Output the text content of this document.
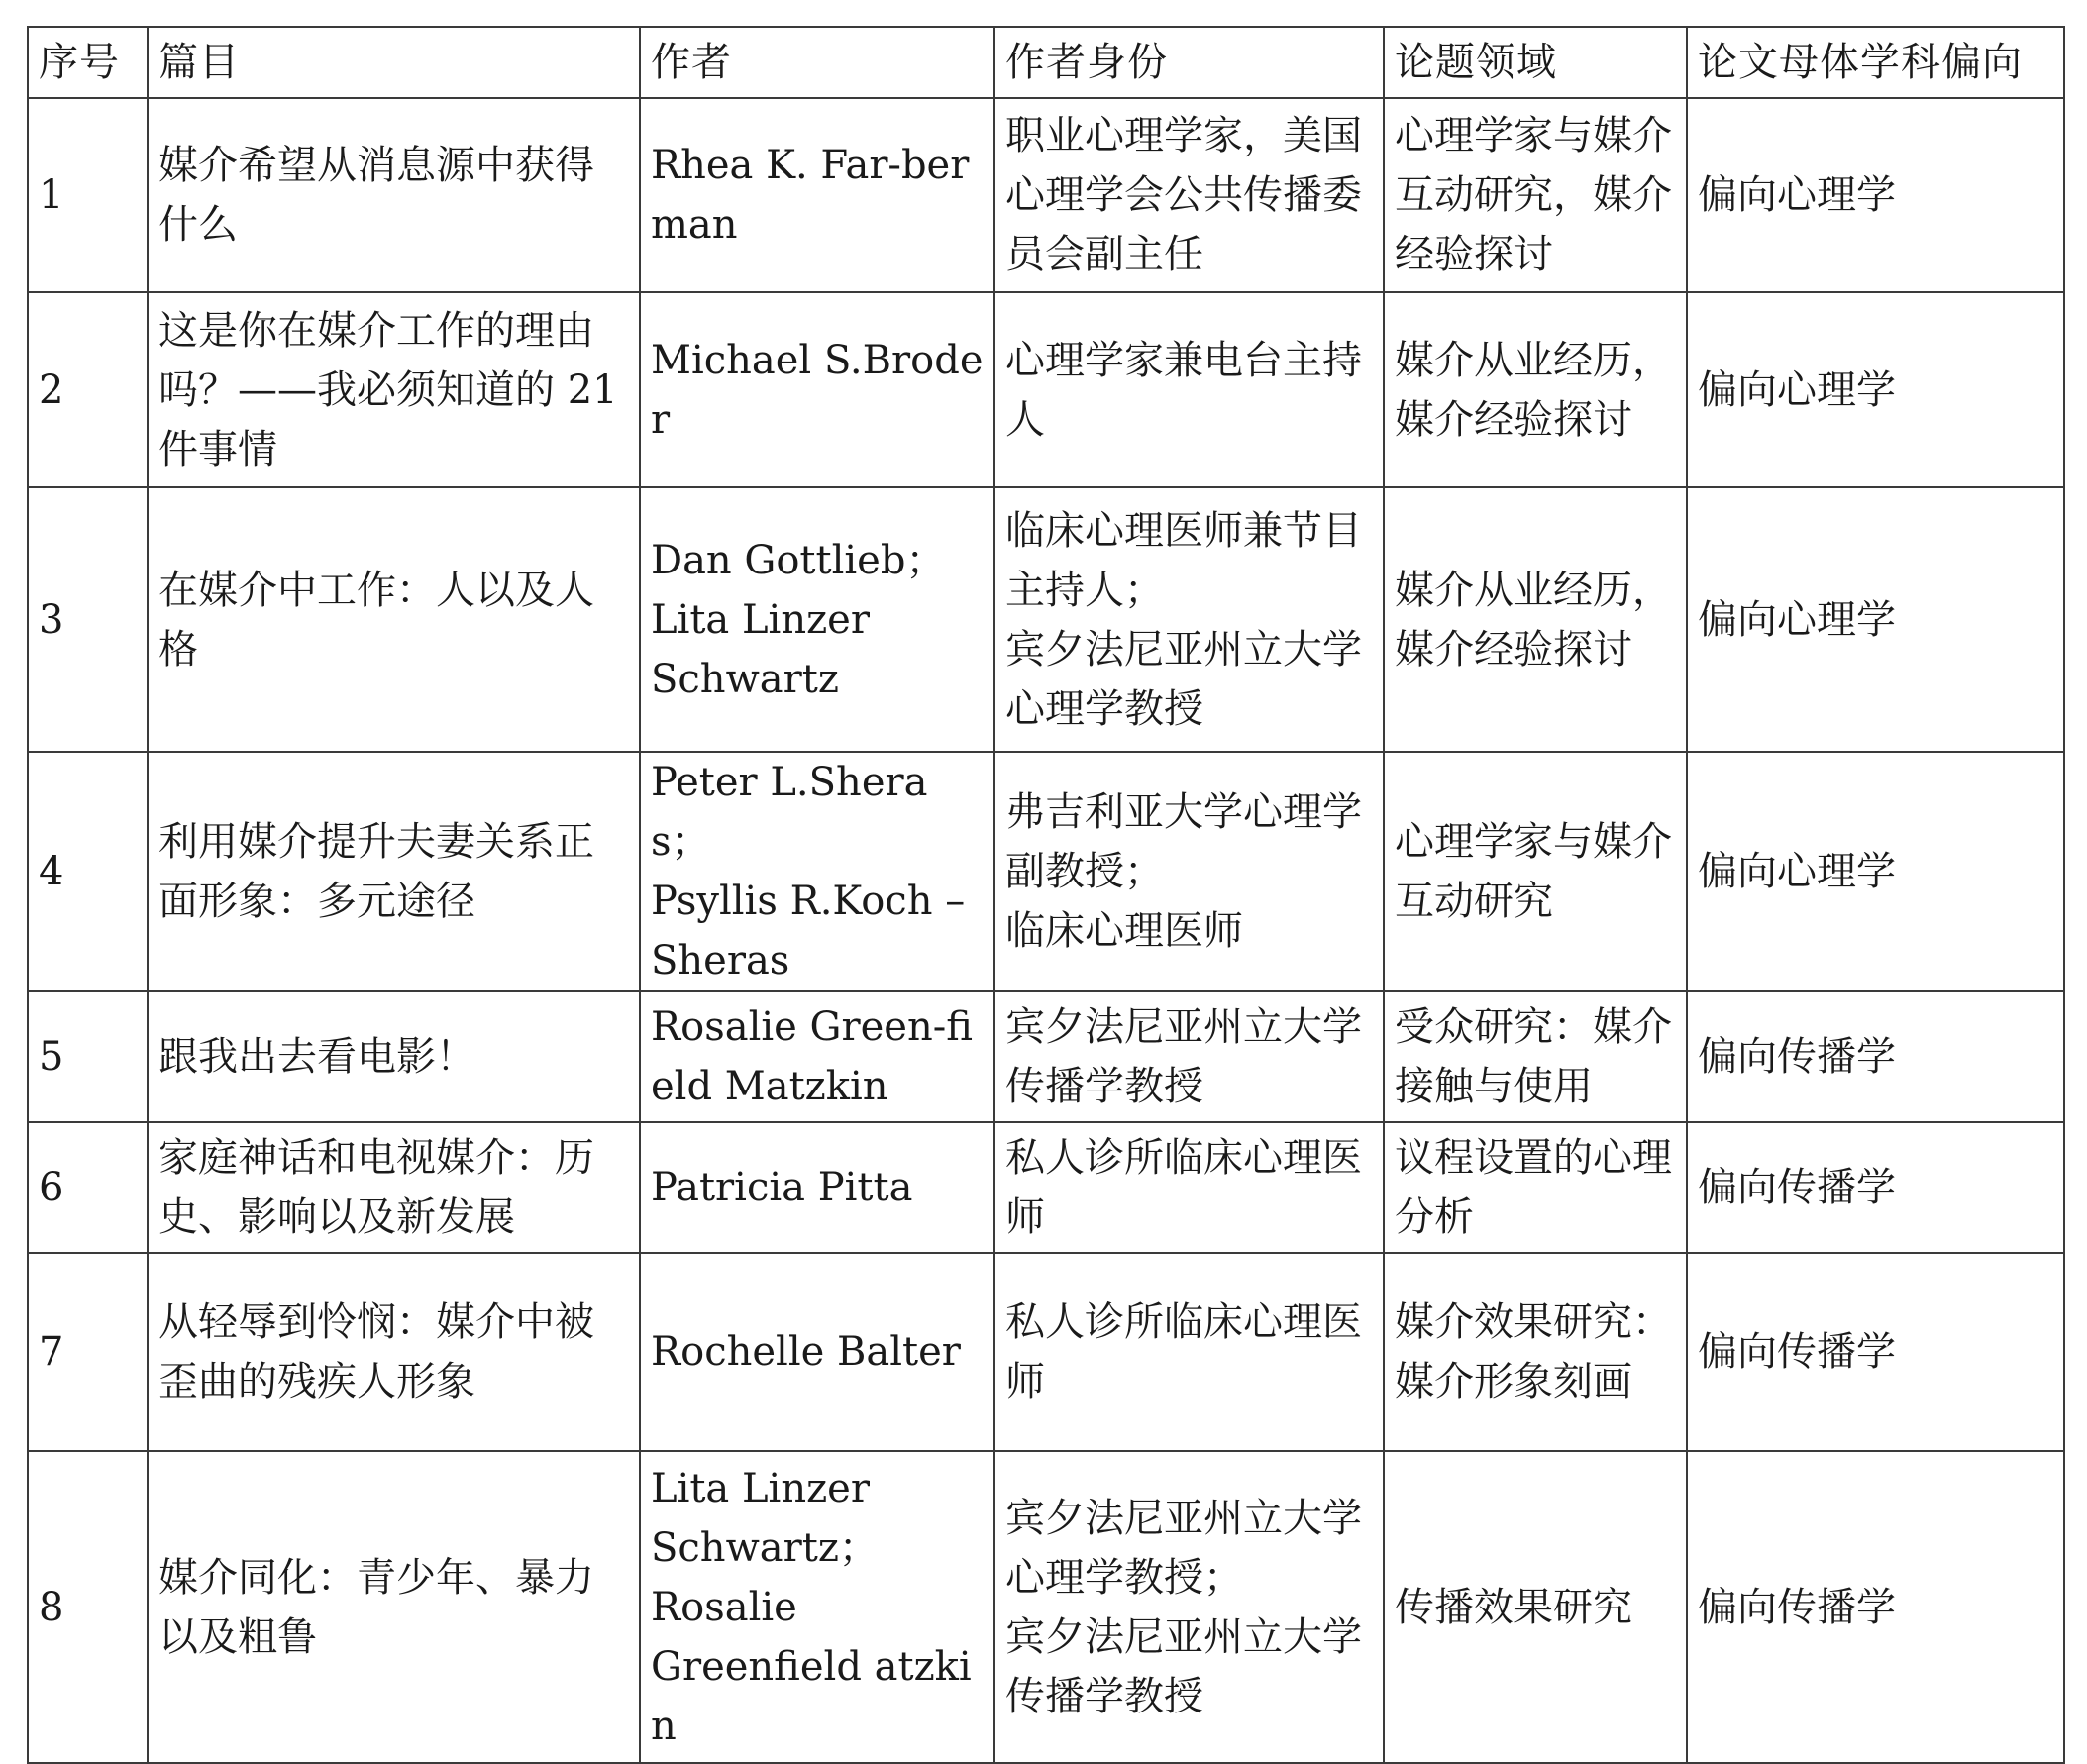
序号	篇目	作者	作者身份	论题领域	论文母体学科偏向
1	媒介希望从消息源中获得什么	Rhea K. Far-berman	职业心理学家，美国心理学会公共传播委员会副主任	心理学家与媒介互动研究，媒介经验探讨	偏向心理学
2	这是你在媒介工作的理由吗？——我必须知道的 21 件事情	Michael S.Broder	心理学家兼电台主持人	媒介从业经历，媒介经验探讨	偏向心理学
3	在媒介中工作：人以及人格	Dan Gottlieb；
Lita Linzer
Schwartz	临床心理医师兼节目主持人；
宾夕法尼亚州立大学心理学教授	媒介从业经历，媒介经验探讨	偏向心理学
4	利用媒介提升夫妻关系正面形象：多元途径	Peter L.Sheras；
Psyllis R.Koch –
Sheras	弗吉利亚大学心理学副教授；
临床心理医师	心理学家与媒介互动研究	偏向心理学
5	跟我出去看电影！	Rosalie Green-field Matzkin	宾夕法尼亚州立大学传播学教授	受众研究：媒介接触与使用	偏向传播学
6	家庭神话和电视媒介：历史、影响以及新发展	Patricia Pitta	私人诊所临床心理医师	议程设置的心理分析	偏向传播学
7	从轻辱到怜悯：媒介中被歪曲的残疾人形象	Rochelle Balter	私人诊所临床心理医师	媒介效果研究：媒介形象刻画	偏向传播学
8	媒介同化：青少年、暴力以及粗鲁	Lita Linzer
Schwartz；
Rosalie
Greenfield atzkin	宾夕法尼亚州立大学心理学教授；
宾夕法尼亚州立大学传播学教授	传播效果研究	偏向传播学
